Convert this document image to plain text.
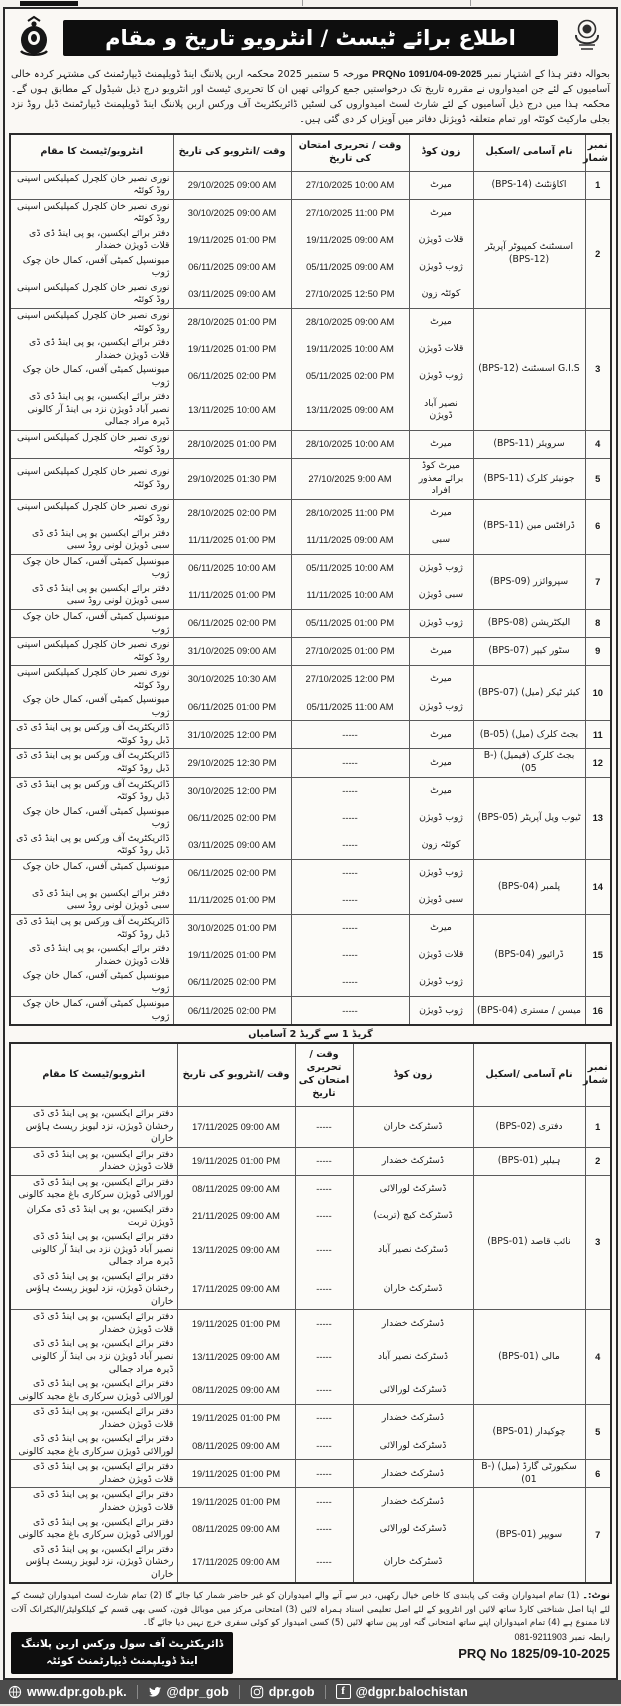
اطلاع برائے ٹیسٹ / انٹرویو تاریخ و مقام

بحوالہ دفتر ہذا کے اشتہار نمبر PRQNo 1091/04-09-2025 مورخہ 5 ستمبر 2025 محکمہ اربن پلاننگ اینڈ ڈویلپمنٹ ڈیپارٹمنٹ کی مشتہر کردہ خالی آسامیوں کے لئے جن امیدواروں نے مقررہ تاریخ تک درخواستیں جمع کروائی تھیں ان کا تحریری ٹیسٹ اور انٹرویو درج ذیل شیڈول کے مطابق ہوں گے۔ محکمہ ہذا میں درج ذیل آسامیوں کے لئے شارٹ لسٹ امیدواروں کی لسٹیں ڈائریکٹریٹ آف ورکس اربن پلاننگ اینڈ ڈویلپمنٹ ڈیپارٹمنٹ ڈبل روڈ نزد بجلی مارکیٹ کوئٹہ اور تمام متعلقہ ڈویژنل دفاتر میں آویزاں کر دی گئی ہیں۔

نمبر شمار	نام آسامی /اسکیل	زون کوڈ	وقت / تحریری امتحان کی تاریخ	وقت /انٹرویو کی تاریخ	انٹرویو/ٹیسٹ کا مقام
1	اکاؤنٹنٹ (BPS-14)	میرٹ	27/10/2025 10:00 AM	29/10/2025 09:00 AM	نوری نصیر خان کلچرل کمپلیکس اسپنی روڈ کوئٹہ
2	اسسٹنٹ کمپیوٹر آپریٹر (BPS-12)	میرٹ	27/10/2025 11:00 PM	30/10/2025 09:00 AM	نوری نصیر خان کلچرل کمپلیکس اسپنی روڈ کوئٹہ
		قلات ڈویژن	19/11/2025 09:00 AM	19/11/2025 01:00 PM	دفتر برائے ایکسین، یو پی اینڈ ڈی ڈی قلات ڈویژن خضدار
		ژوب ڈویژن	05/11/2025 09:00 AM	06/11/2025 09:00 AM	میونسپل کمیٹی آفس، کمال خان چوک ژوب
		کوئٹہ زون	27/10/2025 12:50 PM	03/11/2025 09:00 AM	نوری نصیر خان کلچرل کمپلیکس اسپنی روڈ کوئٹہ
3	G.I.S اسسٹنٹ (BPS-12)	میرٹ	28/10/2025 09:00 AM	28/10/2025 01:00 PM	نوری نصیر خان کلچرل کمپلیکس اسپنی روڈ کوئٹہ
		قلات ڈویژن	19/11/2025 10:00 AM	19/11/2025 01:00 PM	دفتر برائے ایکسین، یو پی اینڈ ڈی ڈی قلات ڈویژن خضدار
		ژوب ڈویژن	05/11/2025 02:00 PM	06/11/2025 02:00 PM	میونسپل کمیٹی آفس، کمال خان چوک ژوب
		نصیر آباد ڈویژن	13/11/2025 09:00 AM	13/11/2025 10:00 AM	دفتر برائے ایکسین، یو پی اینڈ ڈی ڈی نصیر آباد ڈویژن نزد بی اینڈ آر کالونی ڈیرہ مراد جمالی
4	سرویئر (BPS-11)	میرٹ	28/10/2025 10:00 AM	28/10/2025 01:00 PM	نوری نصیر خان کلچرل کمپلیکس اسپنی روڈ کوئٹہ
5	جونیئر کلرک (BPS-11)	میرٹ کوڈ برائے معذور افراد	27/10/2025 9:00 AM	29/10/2025 01:30 PM	نوری نصیر خان کلچرل کمپلیکس اسپنی روڈ کوئٹہ
6	ڈرافٹس مین (BPS-11)	میرٹ	28/10/2025 11:00 PM	28/10/2025 02:00 PM	نوری نصیر خان کلچرل کمپلیکس اسپنی روڈ کوئٹہ
		سبی	11/11/2025 09:00 AM	11/11/2025 01:00 PM	دفتر برائے ایکسین یو پی اینڈ ڈی ڈی سبی ڈویژن لونی روڈ سبی
7	سپروائزر (BPS-09)	ژوب ڈویژن	05/11/2025 10:00 AM	06/11/2025 10:00 AM	میونسپل کمیٹی آفس، کمال خان چوک ژوب
		سبی ڈویژن	11/11/2025 10:00 AM	11/11/2025 01:00 PM	دفتر برائے ایکسین یو پی اینڈ ڈی ڈی سبی ڈویژن لونی روڈ سبی
8	الیکٹریشن (BPS-08)	ژوب ڈویژن	05/11/2025 01:00 PM	06/11/2025 02:00 PM	میونسپل کمیٹی آفس، کمال خان چوک ژوب
9	سٹور کیپر (BPS-07)	میرٹ	27/10/2025 01:00 PM	31/10/2025 09:00 AM	نوری نصیر خان کلچرل کمپلیکس اسپنی روڈ کوئٹہ
10	کیئر ٹیکر (میل) (BPS-07)	میرٹ	27/10/2025 12:00 PM	30/10/2025 10:30 AM	نوری نصیر خان کلچرل کمپلیکس اسپنی روڈ کوئٹہ
		ژوب ڈویژن	05/11/2025 11:00 AM	06/11/2025 01:00 PM	میونسپل کمیٹی آفس، کمال خان چوک ژوب
11	بجٹ کلرک (میل) (B-05)	میرٹ	-----	31/10/2025 12:00 PM	ڈائریکٹریٹ آف ورکس یو پی اینڈ ڈی ڈی ڈبل روڈ کوئٹہ
12	بجٹ کلرک (فیمیل) (B-05)	میرٹ	-----	29/10/2025 12:30 PM	ڈائریکٹریٹ آف ورکس یو پی اینڈ ڈی ڈی ڈبل روڈ کوئٹہ
13	ٹیوب ویل آپریٹر (BPS-05)	میرٹ	-----	30/10/2025 12:00 PM	ڈائریکٹریٹ آف ورکس یو پی اینڈ ڈی ڈی ڈبل روڈ کوئٹہ
		ژوب ڈویژن	-----	06/11/2025 02:00 PM	میونسپل کمیٹی آفس، کمال خان چوک ژوب
		کوئٹہ زون	-----	03/11/2025 09:00 AM	ڈائریکٹریٹ آف ورکس یو پی اینڈ ڈی ڈی ڈبل روڈ کوئٹہ
14	پلمبر (BPS-04)	ژوب ڈویژن	-----	06/11/2025 02:00 PM	میونسپل کمیٹی آفس، کمال خان چوک ژوب
		سبی ڈویژن	-----	11/11/2025 01:00 PM	دفتر برائے ایکسین یو پی اینڈ ڈی ڈی سبی ڈویژن لونی روڈ سبی
15	ڈرائیور (BPS-04)	میرٹ	-----	30/10/2025 01:00 PM	ڈائریکٹریٹ آف ورکس یو پی اینڈ ڈی ڈی ڈبل روڈ کوئٹہ
		قلات ڈویژن	-----	19/11/2025 01:00 PM	دفتر برائے ایکسین، یو پی اینڈ ڈی ڈی قلات ڈویژن خضدار
		ژوب ڈویژن	-----	06/11/2025 02:00 PM	میونسپل کمیٹی آفس، کمال خان چوک ژوب
16	میسن / مستری (BPS-04)	ژوب ڈویژن	-----	06/11/2025 02:00 PM	میونسپل کمیٹی آفس، کمال خان چوک ژوب
گریڈ 1 سے گریڈ 2 آسامیاں
نمبر شمار	نام آسامی /اسکیل	زون کوڈ	وقت / تحریری امتحان کی تاریخ	وقت /انٹرویو کی تاریخ	انٹرویو/ٹیسٹ کا مقام
1	دفتری (BPS-02)	ڈسٹرکٹ خاران	-----	17/11/2025 09:00 AM	دفتر برائے ایکسین، یو پی اینڈ ڈی ڈی رخشان ڈویژن، نزد لیویز ریسٹ ہاؤس خاران
2	ہیلپر (BPS-01)	ڈسٹرکٹ خضدار	-----	19/11/2025 01:00 PM	دفتر برائے ایکسین، یو پی اینڈ ڈی ڈی قلات ڈویژن خضدار
3	نائب قاصد (BPS-01)	ڈسٹرکٹ لورالائی	-----	08/11/2025 09:00 AM	دفتر برائے ایکسین، یو پی اینڈ ڈی ڈی لورالائی ڈویژن سرکاری باغ مجید کالونی
		ڈسٹرکٹ کیچ (تربت)	-----	21/11/2025 09:00 AM	دفتر ایکسین، یو پی اینڈ ڈی ڈی مکران ڈویژن تربت
		ڈسٹرکٹ نصیر آباد	-----	13/11/2025 09:00 AM	دفتر برائے ایکسین، یو پی اینڈ ڈی ڈی نصیر آباد ڈویژن نزد بی اینڈ آر کالونی ڈیرہ مراد جمالی
		ڈسٹرکٹ خاران	-----	17/11/2025 09:00 AM	دفتر برائے ایکسین، یو پی اینڈ ڈی ڈی رخشان ڈویژن، نزد لیویز ریسٹ ہاؤس خاران
4	مالی (BPS-01)	ڈسٹرکٹ خضدار	-----	19/11/2025 01:00 PM	دفتر برائے ایکسین، یو پی اینڈ ڈی ڈی قلات ڈویژن خضدار
		ڈسٹرکٹ نصیر آباد	-----	13/11/2025 09:00 AM	دفتر برائے ایکسین، یو پی اینڈ ڈی ڈی نصیر آباد ڈویژن نزد بی اینڈ آر کالونی ڈیرہ مراد جمالی
		ڈسٹرکٹ لورالائی	-----	08/11/2025 09:00 AM	دفتر برائے ایکسین، یو پی اینڈ ڈی ڈی لورالائی ڈویژن سرکاری باغ مجید کالونی
5	چوکیدار (BPS-01)	ڈسٹرکٹ خضدار	-----	19/11/2025 01:00 PM	دفتر برائے ایکسین، یو پی اینڈ ڈی ڈی قلات ڈویژن خضدار
		ڈسٹرکٹ لورالائی	-----	08/11/2025 09:00 AM	دفتر برائے ایکسین، یو پی اینڈ ڈی ڈی لورالائی ڈویژن سرکاری باغ مجید کالونی
6	سکیورٹی گارڈ (میل) (B-01)	ڈسٹرکٹ خضدار	-----	19/11/2025 01:00 PM	دفتر برائے ایکسین، یو پی اینڈ ڈی ڈی قلات ڈویژن خضدار
7	سویپر (BPS-01)	ڈسٹرکٹ خضدار	-----	19/11/2025 01:00 PM	دفتر برائے ایکسین، یو پی اینڈ ڈی ڈی قلات ڈویژن خضدار
		ڈسٹرکٹ لورالائی	-----	08/11/2025 09:00 AM	دفتر برائے ایکسین، یو پی اینڈ ڈی ڈی لورالائی ڈویژن سرکاری باغ مجید کالونی
		ڈسٹرکٹ خاران	-----	17/11/2025 09:00 AM	دفتر برائے ایکسین، یو پی اینڈ ڈی ڈی رخشان ڈویژن، نزد لیویز ریسٹ ہاؤس خاران

نوٹ:۔ (1) تمام امیدواران وقت کی پابندی کا خاص خیال رکھیں، دیر سے آنے والے امیدواران کو غیر حاضر شمار کیا جائے گا (2) تمام شارٹ لسٹ امیدواران ٹیسٹ کے لئے اپنا اصل شناختی کارڈ ساتھ لائیں اور انٹرویو کے لئے اصل تعلیمی اسناد ہمراہ لائیں (3) امتحانی مرکز میں موبائل فون، کسی بھی قسم کے کیلکولیٹر/الیکٹرانک آلات لانا ممنوع ہے (4) تمام امیدواران اپنے ساتھ امتحانی گتہ اور پین ساتھ لائیں (5) کسی امیدوار کو کوئی سفری خرچ نہیں دیا جائے گا۔

رابطہ نمبر 081-9211903
PRQ No 1825/09-10-2025
ڈائریکٹریٹ آف سول ورکس اربن پلاننگ
اینڈ ڈویلپمنٹ ڈیپارٹمنٹ کوئٹہ
www.dpr.gob.pk.	@dpr_gob	dpr.gob	f @dgpr.balochistan
